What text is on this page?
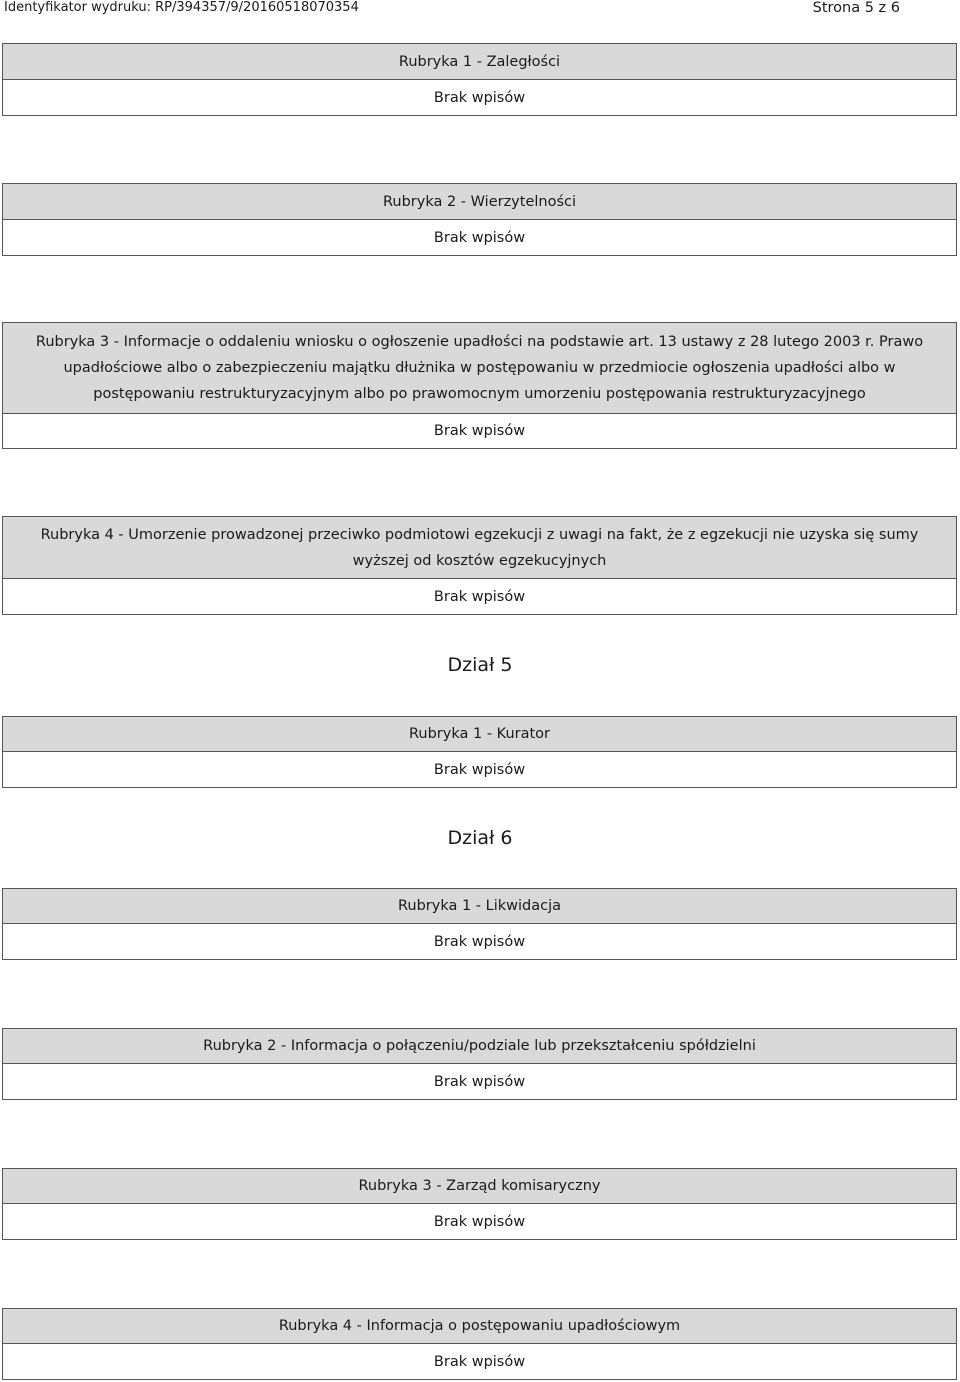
Identyfikator wydruku: RP/394357/9/20160518070354	Strona 5 z 6
Rubryka 1 - Zaległości
Brak wpisów
Rubryka 2 - Wierzytelności
Brak wpisów
Rubryka 3 - Informacje o oddaleniu wniosku o ogłoszenie upadłości na podstawie art. 13 ustawy z 28 lutego 2003 r. Prawo upadłościowe albo o zabezpieczeniu majątku dłużnika w postępowaniu w przedmiocie ogłoszenia upadłości albo w postępowaniu restrukturyzacyjnym albo po prawomocnym umorzeniu postępowania restrukturyzacyjnego
Brak wpisów
Rubryka 4 - Umorzenie prowadzonej przeciwko podmiotowi egzekucji z uwagi na fakt, że z egzekucji nie uzyska się sumy wyższej od kosztów egzekucyjnych
Brak wpisów
Dział 5
Rubryka 1 - Kurator
Brak wpisów
Dział 6
Rubryka 1 - Likwidacja
Brak wpisów
Rubryka 2 - Informacja o połączeniu/podziale lub przekształceniu spółdzielni
Brak wpisów
Rubryka 3 - Zarząd komisaryczny
Brak wpisów
Rubryka 4 - Informacja o postępowaniu upadłościowym
Brak wpisów
